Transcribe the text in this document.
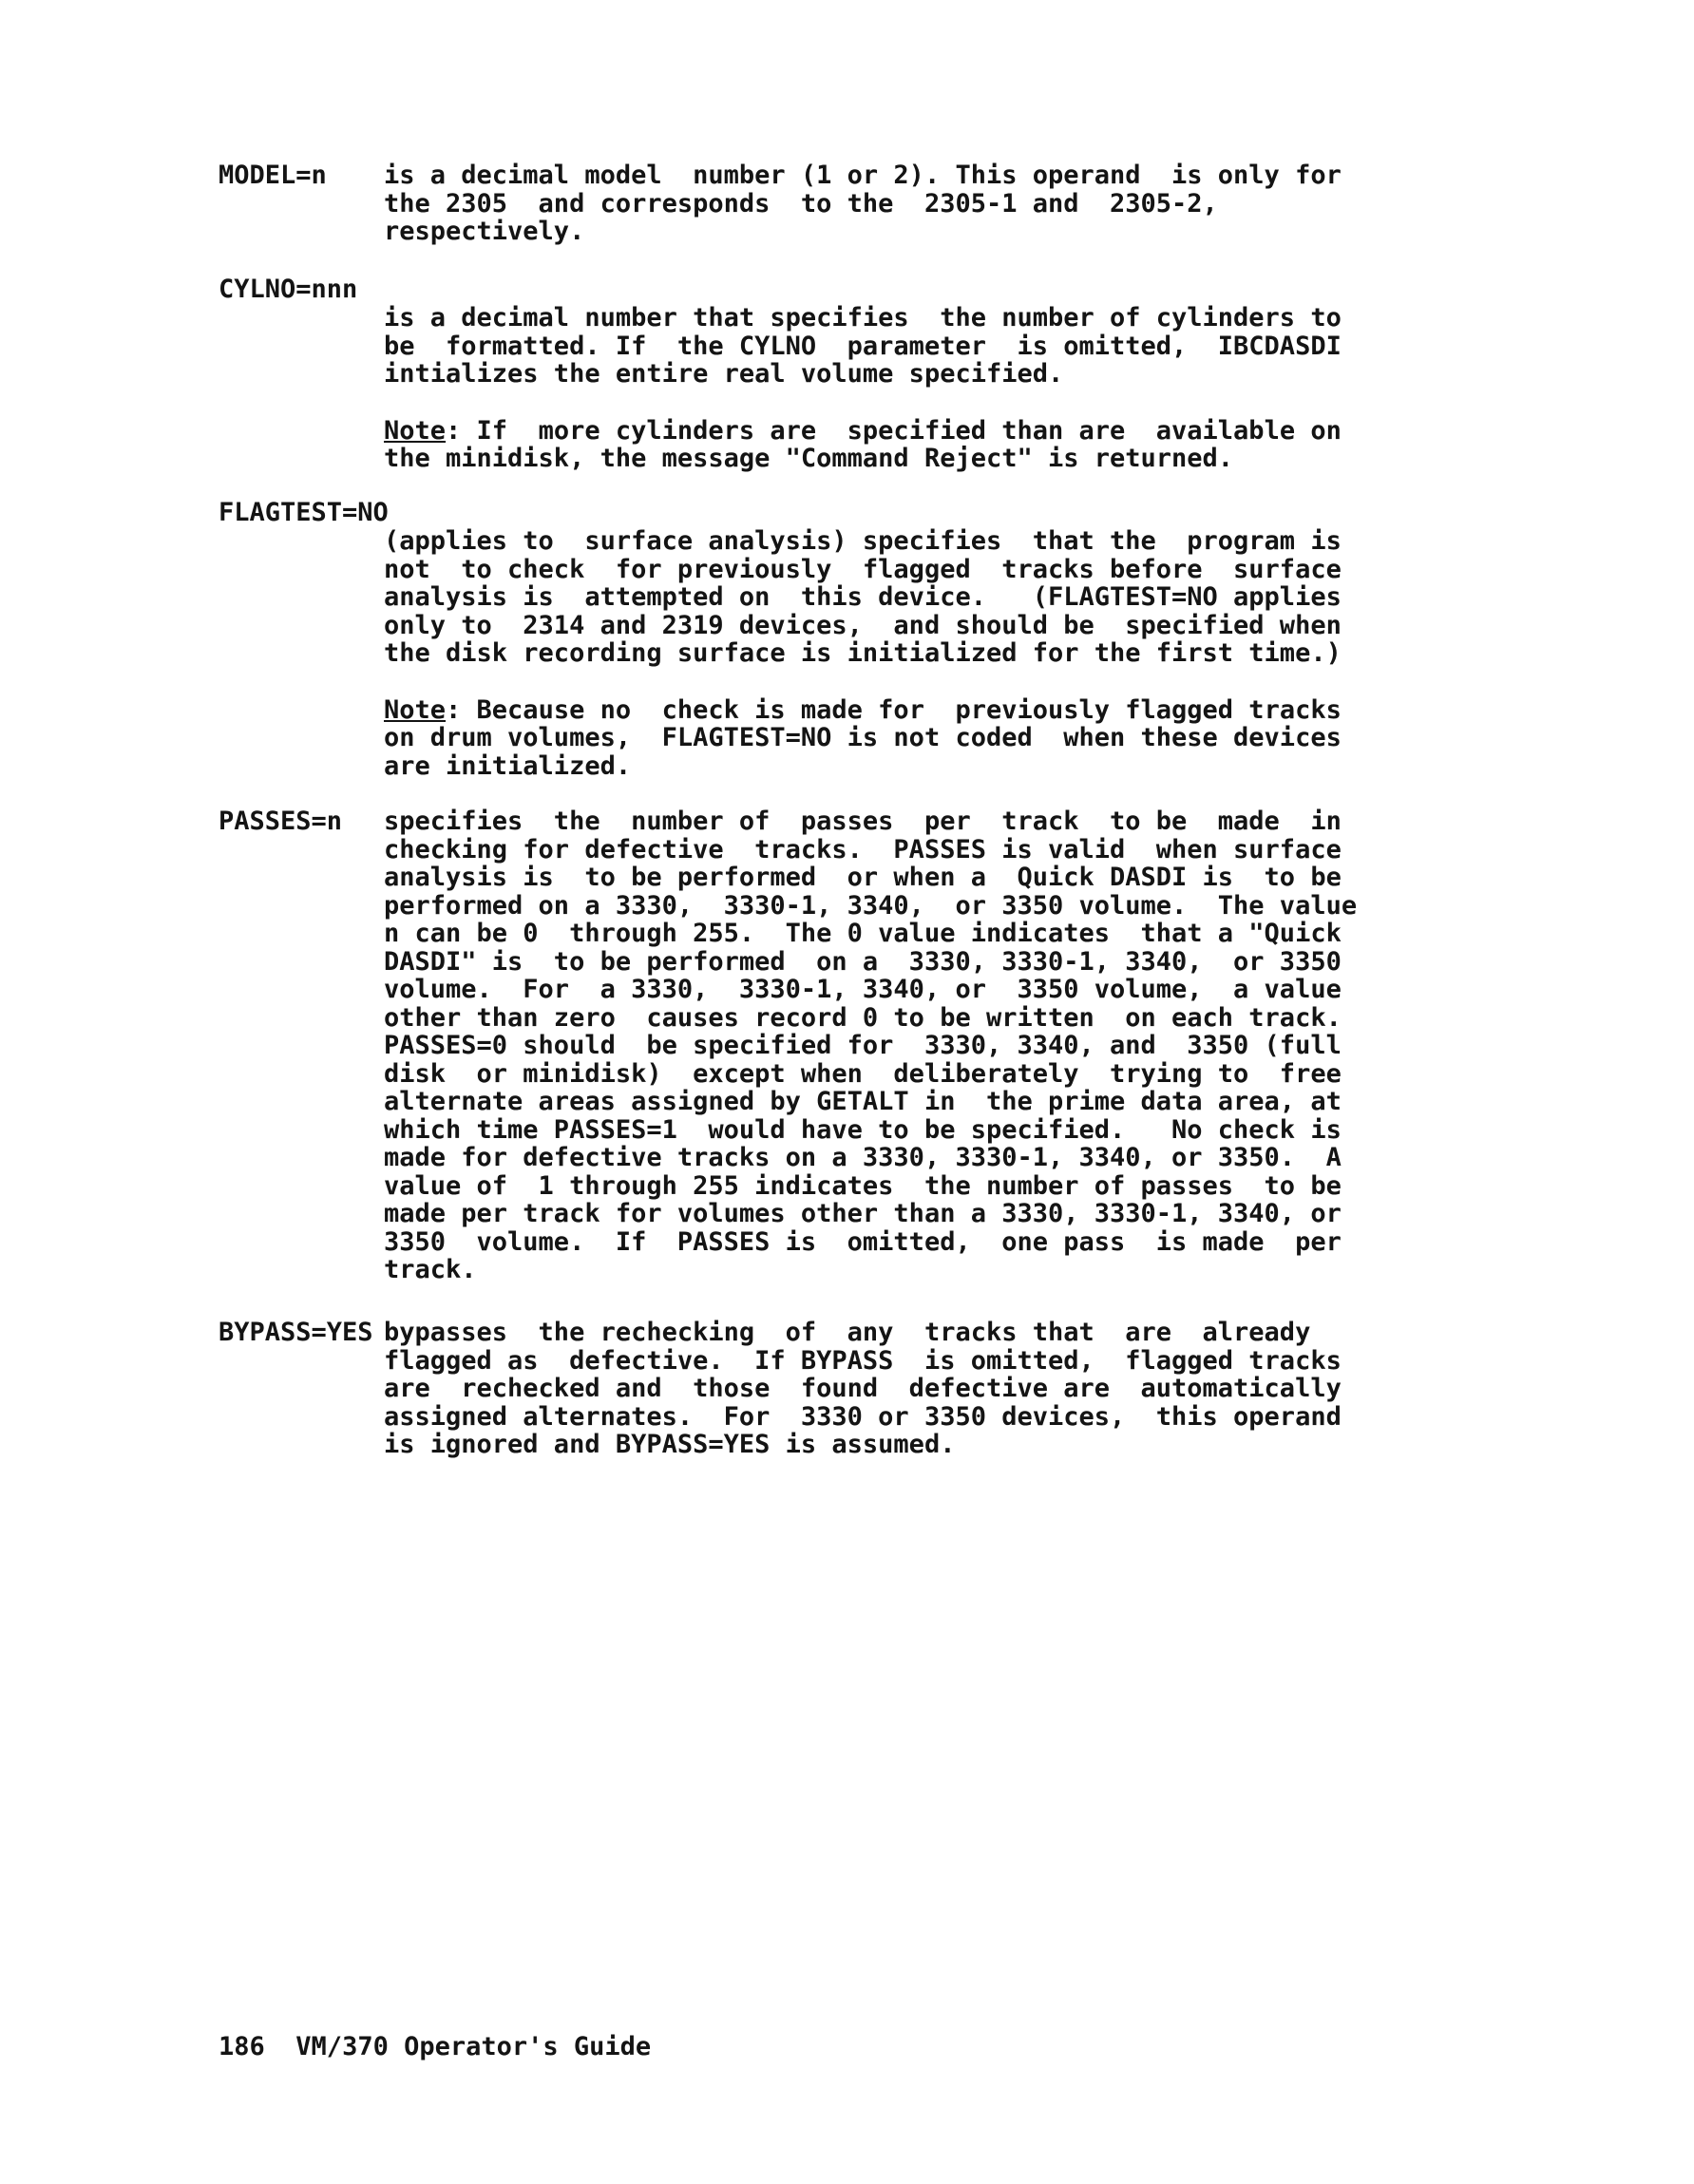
MODEL=n is a decimal model  number (1 or 2). This operand  is only for
the 2305  and corresponds  to the  2305-1 and  2305-2,
respectively.

CYLNO=nnn

is a decimal number that specifies  the number of cylinders to
be  formatted. If  the CYLNO  parameter  is omitted,  IBCDASDI
intializes the entire real volume specified.

Note: If  more cylinders are  specified than are  available on
the minidisk, the message "Command Reject" is returned.

FLAGTEST=NO

(applies to  surface analysis) specifies  that the  program is
not  to check  for previously  flagged  tracks before  surface
analysis is  attempted on  this device.   (FLAGTEST=NO applies
only to  2314 and 2319 devices,  and should be  specified when
the disk recording surface is initialized for the first time.)

Note: Because no  check is made for  previously flagged tracks
on drum volumes,  FLAGTEST=NO is not coded  when these devices
are initialized.

PASSES=n specifies  the  number of  passes  per  track  to be  made  in
checking for defective  tracks.  PASSES is valid  when surface
analysis is  to be performed  or when a  Quick DASDI is  to be
performed on a 3330,  3330-1, 3340,  or 3350 volume.  The value
n can be 0  through 255.  The 0 value indicates  that a "Quick
DASDI" is  to be performed  on a  3330, 3330-1, 3340,  or 3350
volume.  For  a 3330,  3330-1, 3340, or  3350 volume,  a value
other than zero  causes record 0 to be written  on each track.
PASSES=0 should  be specified for  3330, 3340, and  3350 (full
disk  or minidisk)  except when  deliberately  trying to  free
alternate areas assigned by GETALT in  the prime data area, at
which time PASSES=1  would have to be specified.   No check is
made for defective tracks on a 3330, 3330-1, 3340, or 3350.  A
value of  1 through 255 indicates  the number of passes  to be
made per track for volumes other than a 3330, 3330-1, 3340, or
3350  volume.  If  PASSES is  omitted,  one pass  is made  per
track.

BYPASS=YES bypasses  the rechecking  of  any  tracks that  are  already
flagged as  defective.  If BYPASS  is omitted,  flagged tracks
are  rechecked and  those  found  defective are  automatically
assigned alternates.  For  3330 or 3350 devices,  this operand
is ignored and BYPASS=YES is assumed.

186 VM/370 Operator's Guide
